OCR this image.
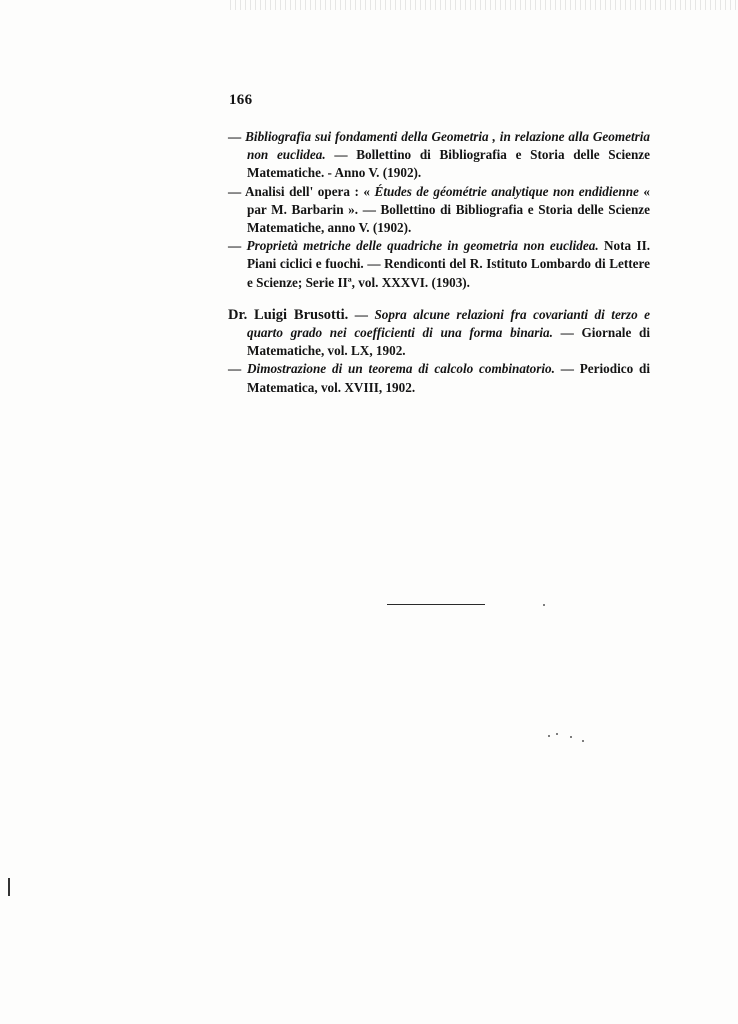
166

— Bibliografia sui fondamenti della Geometria , in relazione alla Geometria non euclidea. — Bollettino di Bibliografia e Storia delle Scienze Matematiche. - Anno V. (1902).

— Analisi dell' opera : « Études de géométrie analytique non endidienne « par M. Barbarin ». — Bollettino di Bibliografia e Storia delle Scienze Matematiche, anno V. (1902).

— Proprietà metriche delle quadriche in geometria non euclidea. Nota II. Piani ciclici e fuochi. — Rendiconti del R. Istituto Lombardo di Lettere e Scienze; Serie IIª, vol. XXXVI. (1903).

Dr. Luigi Brusotti. — Sopra alcune relazioni fra covarianti di terzo e quarto grado nei coefficienti di una forma binaria. — Giornale di Matematiche, vol. LX, 1902.

— Dimostrazione di un teorema di calcolo combinatorio. — Periodico di Matematica, vol. XVIII, 1902.
